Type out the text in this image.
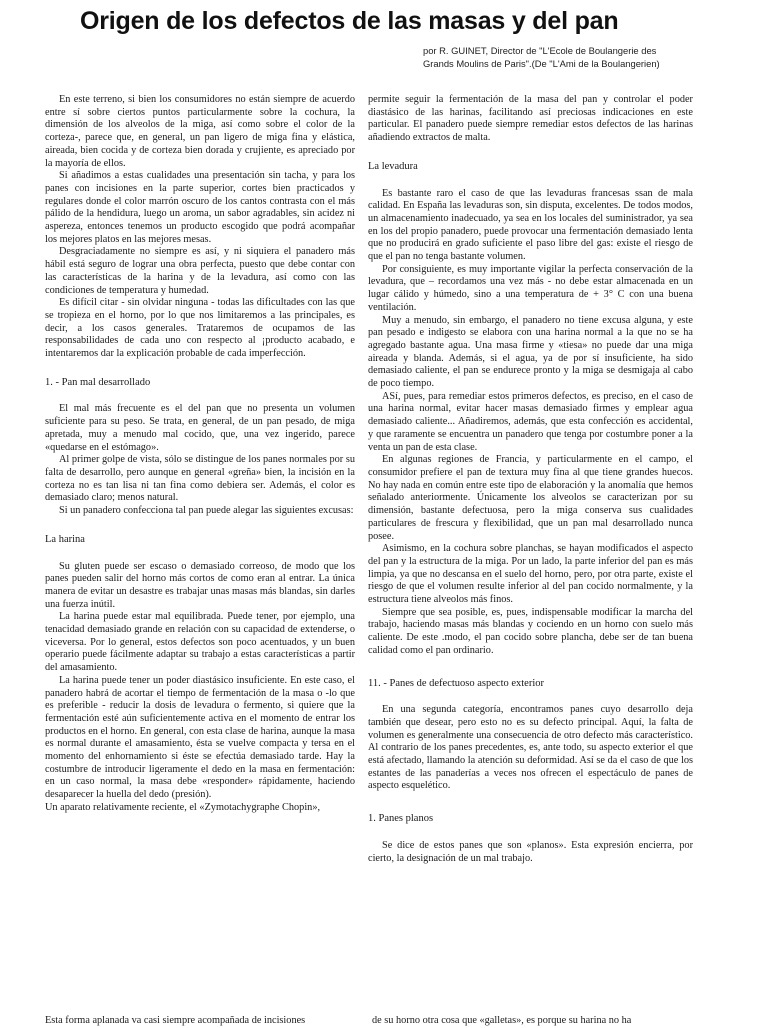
Origen de los defectos de las masas y del pan
por R. GUINET, Director de "L'Ecole de Boulangerie des Grands Moulins de Paris".(De "L'Ami de la Boulangerien)

En este terreno, si bien los consumidores no están siempre de acuerdo entre sí sobre ciertos puntos particularmente sobre la cochura, la dimensión de los alveolos de la miga, así como sobre el color de la corteza-, parece que, en general, un pan ligero de miga fina y elástica, aireada, bien cocida y de corteza bien dorada y crujiente, es apreciado por la mayoría de ellos.

Si añadimos a estas cualidades una presentación sin tacha, y para los panes con incisiones en la parte superior, cortes bien practicados y regulares donde el color marrón oscuro de los cantos contrasta con el más pálido de la hendidura, luego un aroma, un sabor agradables, sin acidez ni aspereza, entonces tenemos un producto escogido que podrá acompañar los mejores platos en las mejores mesas.

Desgraciadamente no siempre es así, y ni siquiera el panadero más hábil está seguro de lograr una obra perfecta, puesto que debe contar con las características de la harina y de la levadura, así como con las condiciones de temperatura y humedad.

Es difícil citar - sin olvidar ninguna - todas las dificultades con las que se tropieza en el horno, por lo que nos limitaremos a las principales, es decir, a los casos generales. Trataremos de ocupamos de las responsabilidades de cada uno con respecto al ¡producto acabado, e intentaremos dar la explicación probable de cada imperfección.

1. - Pan mal desarrollado

El mal más frecuente es el del pan que no presenta un volumen suficiente para su peso. Se trata, en general, de un pan pesado, de miga apretada, muy a menudo mal cocido, que, una vez ingerido, parece «quedarse en el estómago».

Al primer golpe de vista, sólo se distingue de los panes normales por su falta de desarrollo, pero aunque en general «greña» bien, la incisión en la corteza no es tan lisa ni tan fina como debiera ser. Además, el color es demasiado claro; menos natural.

Si un panadero confecciona tal pan puede alegar las siguientes excusas:

La harina

Su gluten puede ser escaso o demasiado correoso, de modo que los panes pueden salir del horno más cortos de como eran al entrar. La única manera de evitar un desastre es trabajar unas masas más blandas, sin darles una fuerza inútil.

La harina puede estar mal equilibrada. Puede tener, por ejemplo, una tenacidad demasiado grande en relación con su capacidad de extenderse, o viceversa. Por lo general, estos defectos son poco acentuados, y un buen operario puede fácilmente adaptar su trabajo a estas características a partir del amasamiento.

La harina puede tener un poder diastásico insuficiente. En este caso, el panadero habrá de acortar el tiempo de fermentación de la masa o -lo que es preferible - reducir la dosis de levadura o fermento, si quiere que la fermentación esté aún suficientemente activa en el momento de entrar los productos en el horno. En general, con esta clase de harina, aunque la masa es normal durante el amasamiento, ésta se vuelve compacta y tersa en el momento del enhornamiento si éste se efectúa demasiado tarde. Hay la costumbre de introducir ligeramente el dedo en la masa en fermentación: en un caso normal, la masa debe «responder» rápidamente, haciendo desaparecer la huella del dedo (presión).

Un aparato relativamente reciente, el «Zymotachygraphe Chopin»,

permite seguir la fermentación de la masa del pan y controlar el poder diastásico de las harinas, facilitando así preciosas indicaciones en este particular. El panadero puede siempre remediar estos defectos de las harinas añadiendo extractos de malta.

La levadura

Es bastante raro el caso de que las levaduras francesas ssan de mala calidad. En España las levaduras son, sin disputa, excelentes. De todos modos, un almacenamiento inadecuado, ya sea en los locales del suministrador, ya sea en los del propio panadero, puede provocar una fermentación demasiado lenta que no producirá en grado suficiente el paso libre del gas: existe el riesgo de que el pan no tenga bastante volumen.

Por consiguiente, es muy importante vigilar la perfecta conservación de la levadura, que – recordamos una vez más - no debe estar almacenada en un lugar cálido y húmedo, sino a una temperatura de + 3° C con una buena ventilación.

Muy a menudo, sin embargo, el panadero no tiene excusa alguna, y este pan pesado e indigesto se elabora con una harina normal a la que no se ha agregado bastante agua. Una masa firme y «tiesa» no puede dar una miga aireada y blanda. Además, si el agua, ya de por sí insuficiente, ha sido demasiado caliente, el pan se endurece pronto y la miga se desmigaja al cabo de poco tiempo.

ASí, pues, para remediar estos primeros defectos, es preciso, en el caso de una harina normal, evitar hacer masas demasiado firmes y emplear agua demasiado caliente... Añadiremos, además, que esta confección es accidental, y que raramente se encuentra un panadero que tenga por costumbre poner a la venta un pan de esta clase.

En algunas regiones de Francia, y particularmente en el campo, el consumidor prefiere el pan de textura muy fina al que tiene grandes huecos. No hay nada en común entre este tipo de elaboración y la anomalía que hemos señalado anteriormente. Únicamente los alveolos se caracterizan por su dimensión, bastante defectuosa, pero la miga conserva sus cualidades particulares de frescura y flexibilidad, que un pan mal desarrollado nunca posee.

Asimismo, en la cochura sobre planchas, se hayan modificados el aspecto del pan y la estructura de la miga. Por un lado, la parte inferior del pan es más limpia, ya que no descansa en el suelo del horno, pero, por otra parte, existe el riesgo de que el volumen resulte inferior al del pan cocido normalmente, y la estructura tiene alveolos más finos.

Siempre que sea posible, es, pues, indispensable modificar la marcha del trabajo, haciendo masas más blandas y cociendo en un horno con suelo más caliente. De este .modo, el pan cocido sobre plancha, debe ser de tan buena calidad como el pan ordinario.

11. - Panes de defectuoso aspecto exterior

En una segunda categoría, encontramos panes cuyo desarrollo deja también que desear, pero esto no es su defecto principal. Aquí, la falta de volumen es generalmente una consecuencia de otro defecto más característico. Al contrario de los panes precedentes, es, ante todo, su aspecto exterior el que está afectado, llamando la atención su deformidad. Así se da el caso de que los estantes de las panaderías a veces nos ofrecen el espectáculo de panes de aspecto esquelético.

1. Panes planos

Se dice de estos panes que son «planos». Esta expresión encierra, por cierto, la designación de un mal trabajo.

Esta forma aplanada va casi siempre acompañada de incisiones	de su horno otra cosa que «galletas», es porque su harina no ha
